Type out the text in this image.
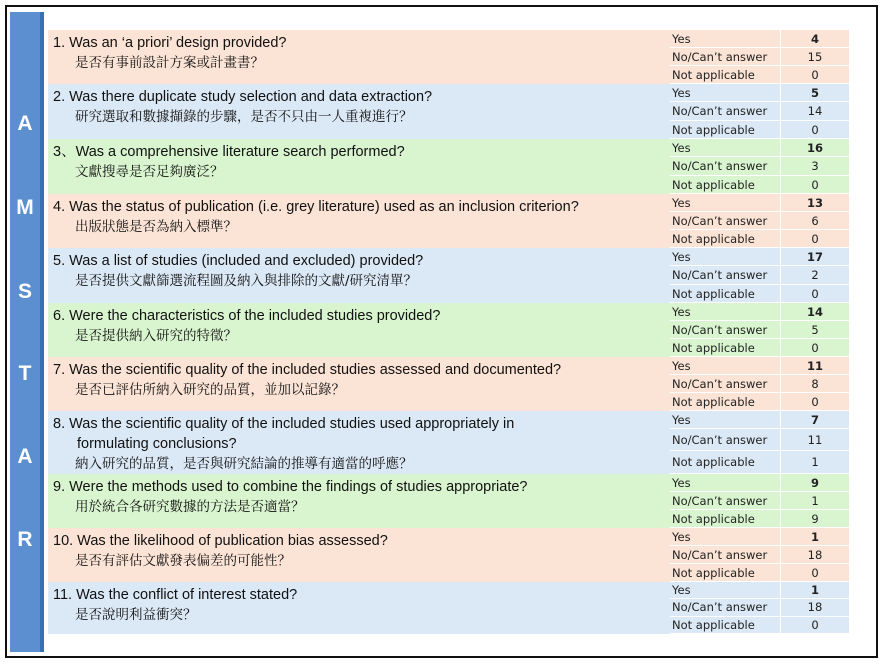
A
M
S
T
A
R
1. Was an ‘a priori’ design provided?
是否有事前設計方案或計畫書？
Yes	4
No/Can’t answer	15
Not applicable	0
2. Was there duplicate study selection and data extraction?
研究選取和數據擷錄的步驟，是否不只由一人重複進行？
Yes	5
No/Can’t answer	14
Not applicable	0
3、Was a comprehensive literature search performed?
文獻搜尋是否足夠廣泛？
Yes	16
No/Can’t answer	3
Not applicable	0
4. Was the status of publication (i.e. grey literature) used as an inclusion criterion?
出版狀態是否為納入標準？
Yes	13
No/Can’t answer	6
Not applicable	0
5. Was a list of studies (included and excluded) provided?
是否提供文獻篩選流程圖及納入與排除的文獻/研究清單？
Yes	17
No/Can’t answer	2
Not applicable	0
6. Were the characteristics of the included studies provided?
是否提供納入研究的特徵？
Yes	14
No/Can’t answer	5
Not applicable	0
7. Was the scientific quality of the included studies assessed and documented?
是否已評估所納入研究的品質，並加以記錄？
Yes	11
No/Can’t answer	8
Not applicable	0
8. Was the scientific quality of the included studies used appropriately in
formulating conclusions?
納入研究的品質，是否與研究結論的推導有適當的呼應？
Yes	7
No/Can’t answer	11
Not applicable	1
9. Were the methods used to combine the findings of studies appropriate?
用於統合各研究數據的方法是否適當？
Yes	9
No/Can’t answer	1
Not applicable	9
10. Was the likelihood of publication bias assessed?
是否有評估文獻發表偏差的可能性？
Yes	1
No/Can’t answer	18
Not applicable	0
11. Was the conflict of interest stated?
是否說明利益衝突？
Yes	1
No/Can’t answer	18
Not applicable	0
